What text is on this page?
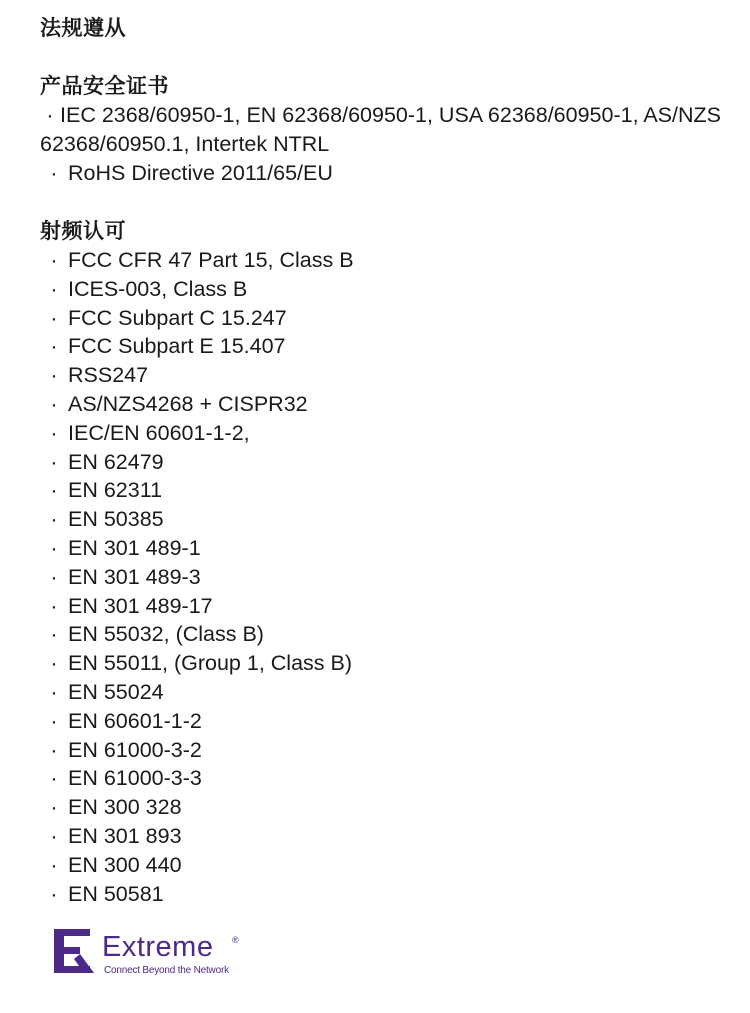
法规遵从
产品安全证书

· IEC 2368/60950-1, EN 62368/60950-1, USA 62368/60950-1, AS/NZS 62368/60950.1, Intertek NTRL

· RoHS Directive 2011/65/EU

射频认可
· FCC CFR 47 Part 15, Class B
· ICES-003, Class B
· FCC Subpart C 15.247
· FCC Subpart E 15.407
· RSS247
· AS/NZS4268 + CISPR32
· IEC/EN 60601-1-2,
· EN 62479
· EN 62311
· EN 50385
· EN 301 489-1
· EN 301 489-3
· EN 301 489-17
· EN 55032, (Class B)
· EN 55011, (Group 1, Class B)
· EN 55024
· EN 60601-1-2
· EN 61000-3-2
· EN 61000-3-3
· EN 300 328
· EN 301 893
· EN 300 440
· EN 50581
Extreme ®
Connect Beyond the Network
